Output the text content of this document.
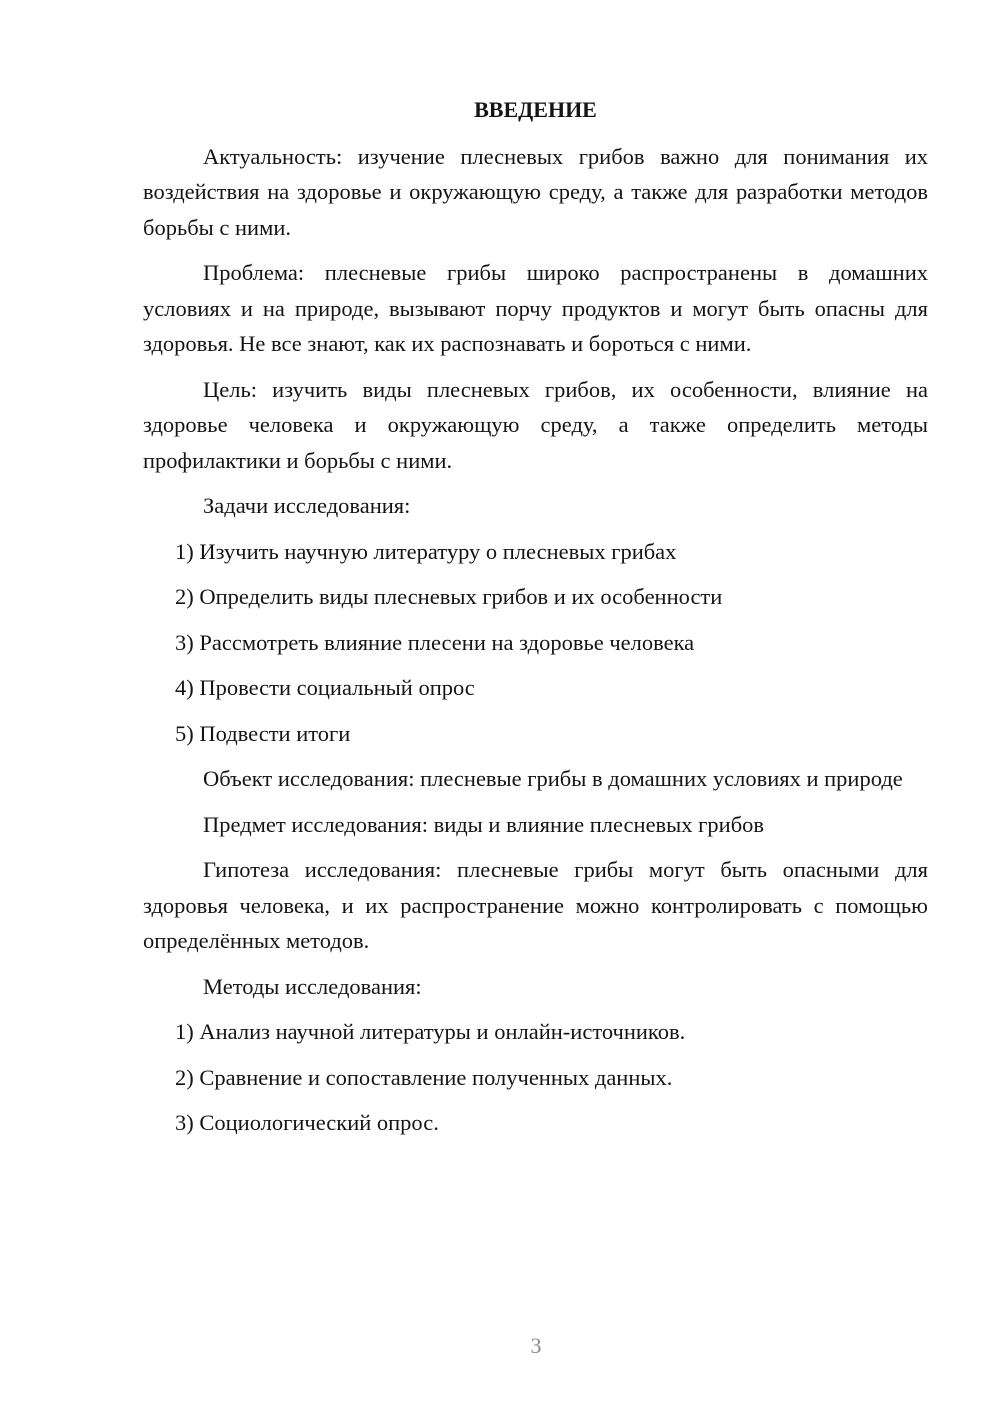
ВВЕДЕНИЕ

Актуальность: изучение плесневых грибов важно для понимания их воздействия на здоровье и окружающую среду, а также для разработки методов борьбы с ними.

Проблема: плесневые грибы широко распространены в домашних условиях и на природе, вызывают порчу продуктов и могут быть опасны для здоровья. Не все знают, как их распознавать и бороться с ними.

Цель: изучить виды плесневых грибов, их особенности, влияние на здоровье человека и окружающую среду, а также определить методы профилактики и борьбы с ними.

Задачи исследования:

1) Изучить научную литературу о плесневых грибах
2) Определить виды плесневых грибов и их особенности
3) Рассмотреть влияние плесени на здоровье человека
4) Провести социальный опрос
5) Подвести итоги

Объект исследования: плесневые грибы в домашних условиях и природе

Предмет исследования: виды и влияние плесневых грибов

Гипотеза исследования: плесневые грибы могут быть опасными для здоровья человека, и их распространение можно контролировать с помощью определённых методов.

Методы исследования:

1) Анализ научной литературы и онлайн-источников.
2) Сравнение и сопоставление полученных данных.
3) Социологический опрос.
3
